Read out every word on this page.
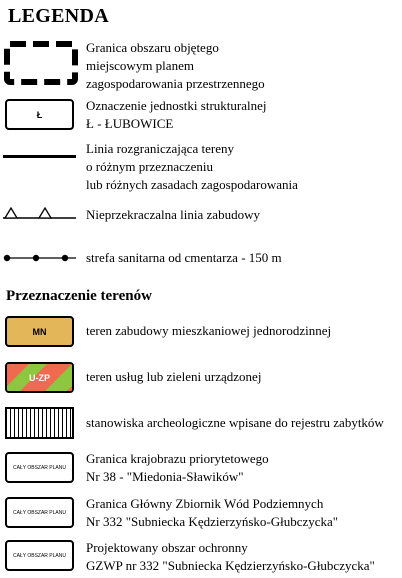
LEGENDA
Granica obszaru objętego
miejscowym planem
zagospodarowania przestrzennego
Ł
Oznaczenie jednostki strukturalnej
Ł - ŁUBOWICE
Linia rozgraniczająca tereny
o różnym przeznaczeniu
lub różnych zasadach zagospodarowania
Nieprzekraczalna linia zabudowy
strefa sanitarna od cmentarza - 150 m
Przeznaczenie terenów
MN	teren zabudowy mieszkaniowej jednorodzinnej
U-ZP	teren usług lub zieleni urządzonej
stanowiska archeologiczne wpisane do rejestru zabytków
CAŁY OBSZAR PLANU
Granica krajobrazu priorytetowego
Nr 38 - "Miedonia-Sławików"
CAŁY OBSZAR PLANU
Granica Główny Zbiornik Wód Podziemnych
Nr 332 "Subniecka Kędzierzyńsko-Głubczycka"
CAŁY OBSZAR PLANU
Projektowany obszar ochronny
GZWP nr 332 "Subniecka Kędzierzyńsko-Głubczycka"
